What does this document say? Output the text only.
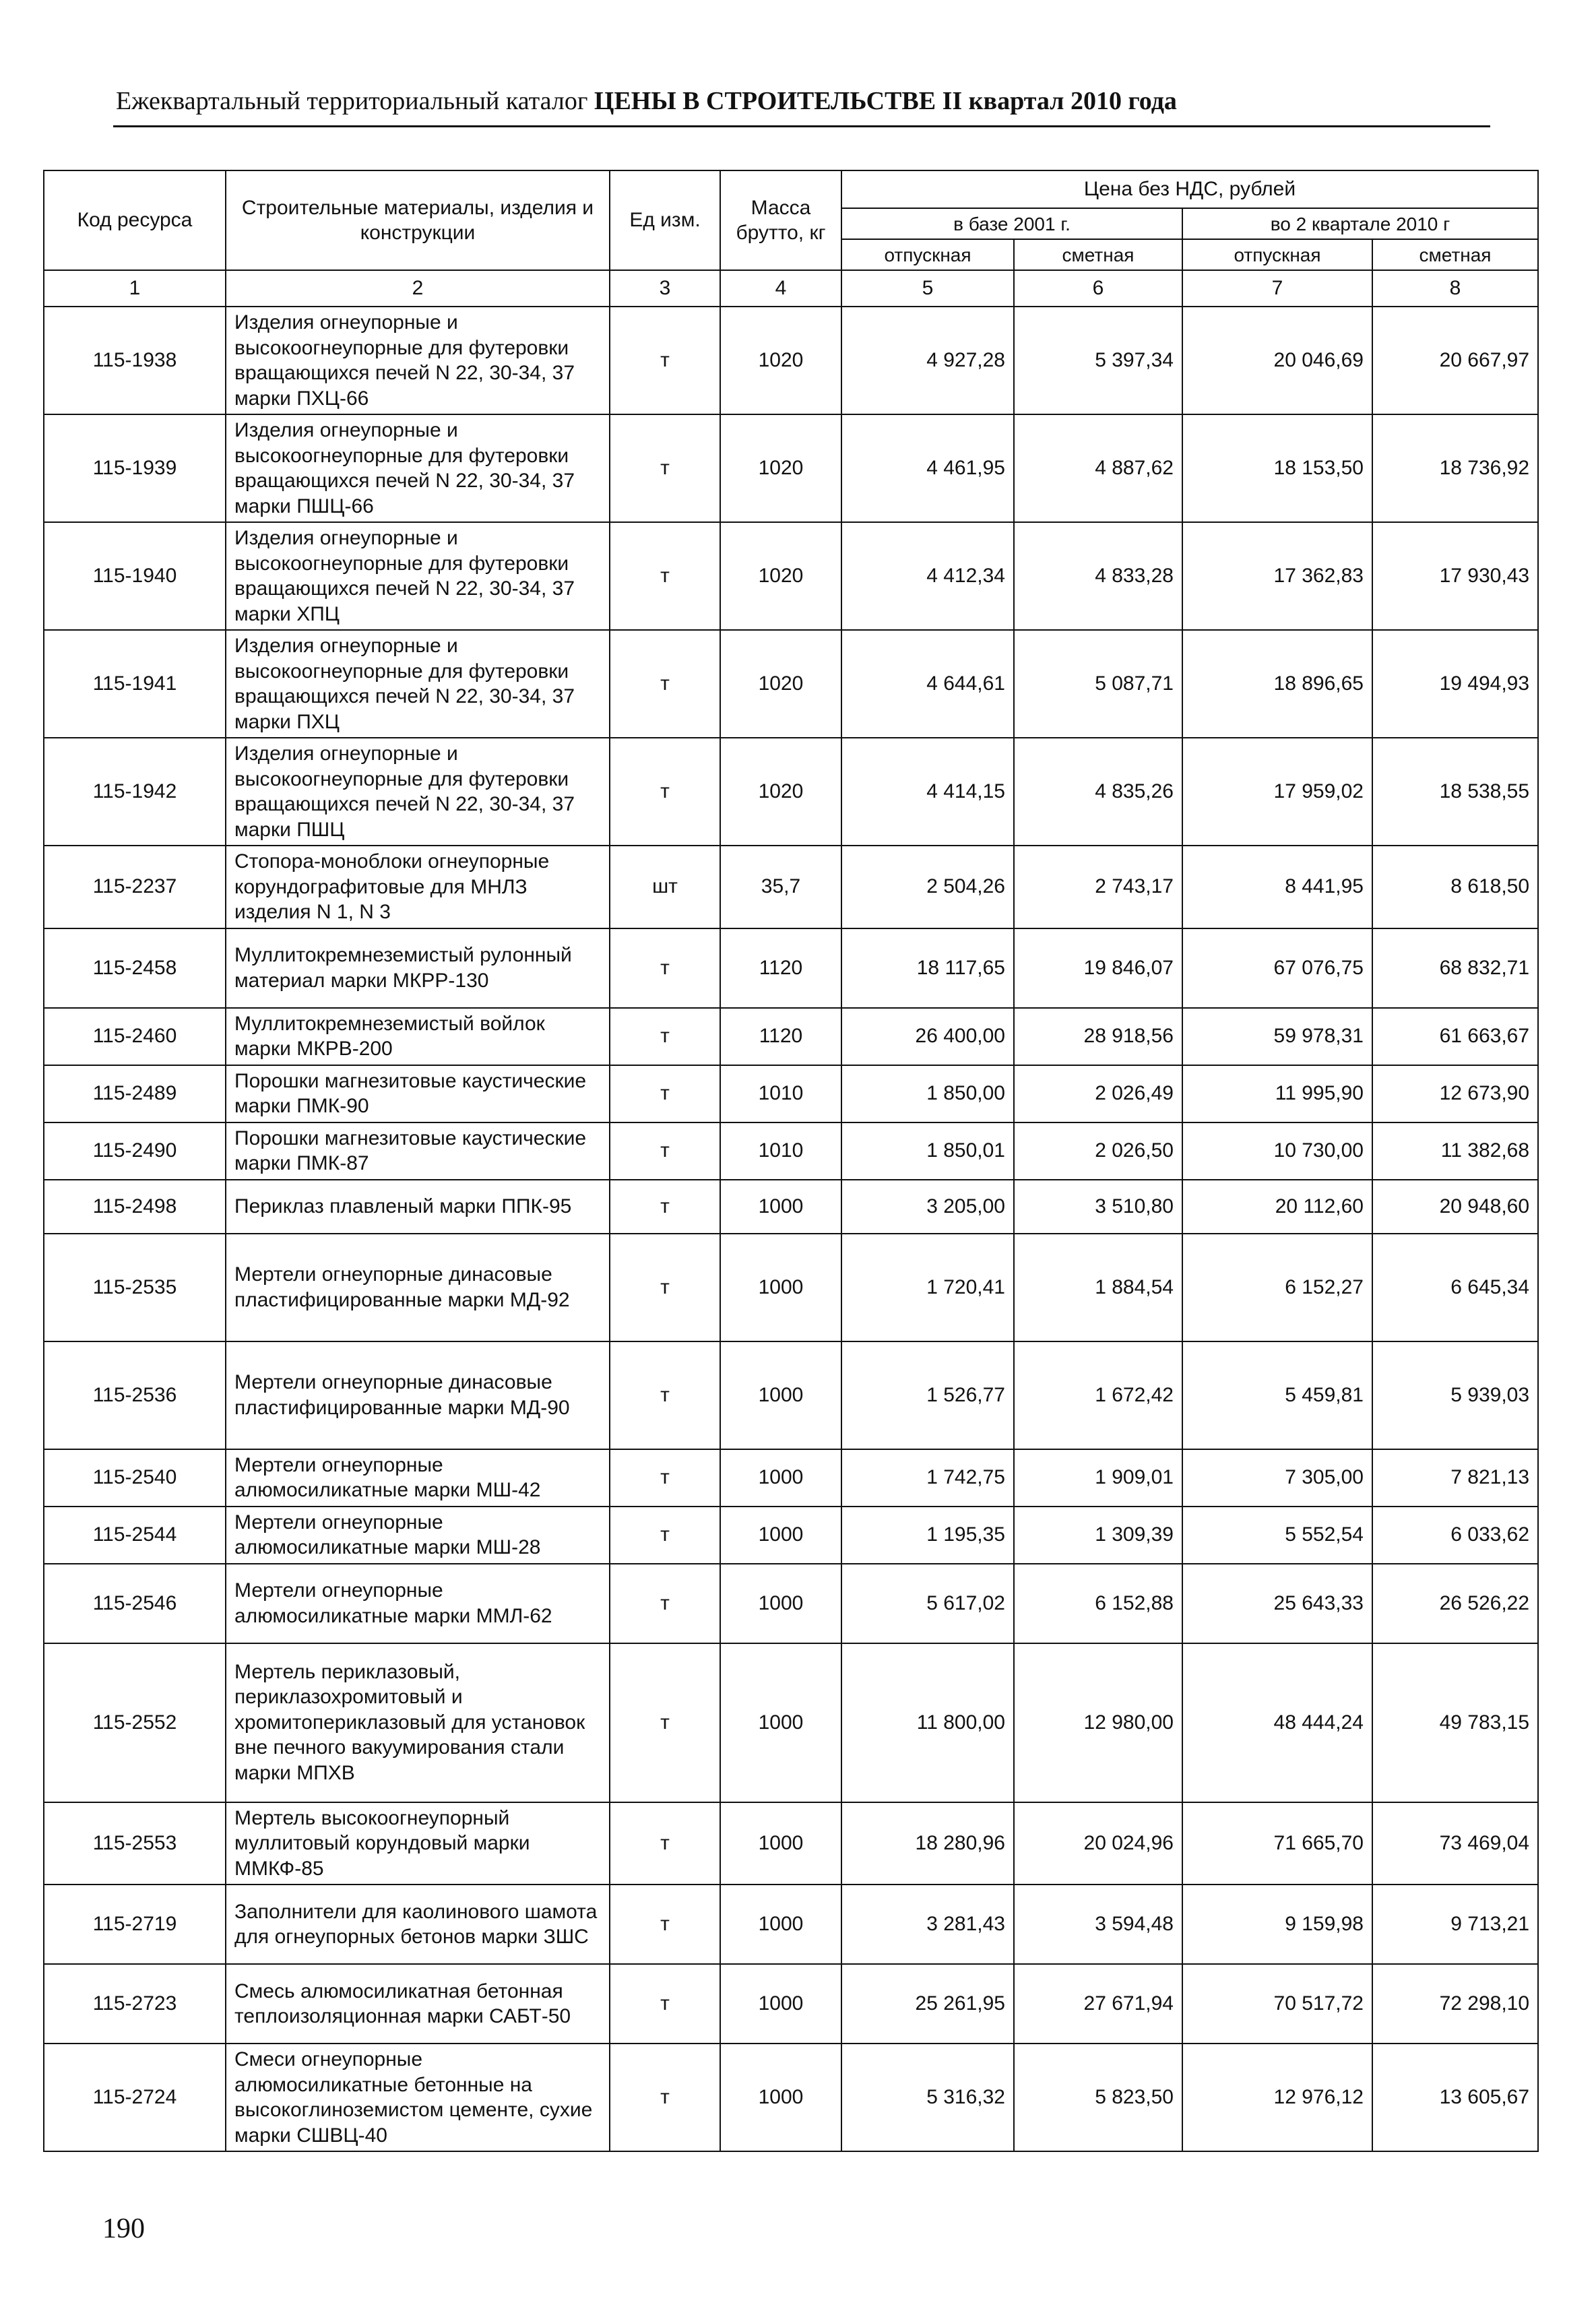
Ежеквартальный территориальный каталог ЦЕНЫ В СТРОИТЕЛЬСТВЕ II квартал 2010 года
Код ресурса	Строительные материалы, изделия и конструкции	Ед изм.	Масса брутто, кг	Цена без НДС, рублей			
				в базе 2001 г.		во 2 квартале 2010 г	
				отпускная	сметная	отпускная	сметная
1	2	3	4	5	6	7	8
115-1938	Изделия огнеупорные и высокоогнеупорные для футеровки вращающихся печей N 22, 30-34, 37 марки ПХЦ-66	т	1020	4 927,28	5 397,34	20 046,69	20 667,97
115-1939	Изделия огнеупорные и высокоогнеупорные для футеровки вращающихся печей N 22, 30-34, 37 марки ПШЦ-66	т	1020	4 461,95	4 887,62	18 153,50	18 736,92
115-1940	Изделия огнеупорные и высокоогнеупорные для футеровки вращающихся печей N 22, 30-34, 37 марки ХПЦ	т	1020	4 412,34	4 833,28	17 362,83	17 930,43
115-1941	Изделия огнеупорные и высокоогнеупорные для футеровки вращающихся печей N 22, 30-34, 37 марки ПХЦ	т	1020	4 644,61	5 087,71	18 896,65	19 494,93
115-1942	Изделия огнеупорные и высокоогнеупорные для футеровки вращающихся печей N 22, 30-34, 37 марки ПШЦ	т	1020	4 414,15	4 835,26	17 959,02	18 538,55
115-2237	Стопора-моноблоки огнеупорные корундографитовые для МНЛЗ изделия N 1, N 3	шт	35,7	2 504,26	2 743,17	8 441,95	8 618,50
115-2458	Муллитокремнеземистый рулонный материал марки МКРР-130	т	1120	18 117,65	19 846,07	67 076,75	68 832,71
115-2460	Муллитокремнеземистый войлок марки МКРВ-200	т	1120	26 400,00	28 918,56	59 978,31	61 663,67
115-2489	Порошки магнезитовые каустические марки ПМК-90	т	1010	1 850,00	2 026,49	11 995,90	12 673,90
115-2490	Порошки магнезитовые каустические марки ПМК-87	т	1010	1 850,01	2 026,50	10 730,00	11 382,68
115-2498	Периклаз плавленый марки ППК-95	т	1000	3 205,00	3 510,80	20 112,60	20 948,60
115-2535	Мертели огнеупорные динасовые пластифицированные марки МД-92	т	1000	1 720,41	1 884,54	6 152,27	6 645,34
115-2536	Мертели огнеупорные динасовые пластифицированные марки МД-90	т	1000	1 526,77	1 672,42	5 459,81	5 939,03
115-2540	Мертели огнеупорные алюмосиликатные марки МШ-42	т	1000	1 742,75	1 909,01	7 305,00	7 821,13
115-2544	Мертели огнеупорные алюмосиликатные марки МШ-28	т	1000	1 195,35	1 309,39	5 552,54	6 033,62
115-2546	Мертели огнеупорные алюмосиликатные марки ММЛ-62	т	1000	5 617,02	6 152,88	25 643,33	26 526,22
115-2552	Мертель периклазовый, периклазохромитовый и хромитопериклазовый для установок вне печного вакуумирования стали марки МПХВ	т	1000	11 800,00	12 980,00	48 444,24	49 783,15
115-2553	Мертель высокоогнеупорный муллитовый корундовый марки ММКФ-85	т	1000	18 280,96	20 024,96	71 665,70	73 469,04
115-2719	Заполнители для каолинового шамота для огнеупорных бетонов марки ЗШС	т	1000	3 281,43	3 594,48	9 159,98	9 713,21
115-2723	Смесь алюмосиликатная бетонная теплоизоляционная марки САБТ-50	т	1000	25 261,95	27 671,94	70 517,72	72 298,10
115-2724	Смеси огнеупорные алюмосиликатные бетонные на высокоглиноземистом цементе, сухие марки СШВЦ-40	т	1000	5 316,32	5 823,50	12 976,12	13 605,67
190
